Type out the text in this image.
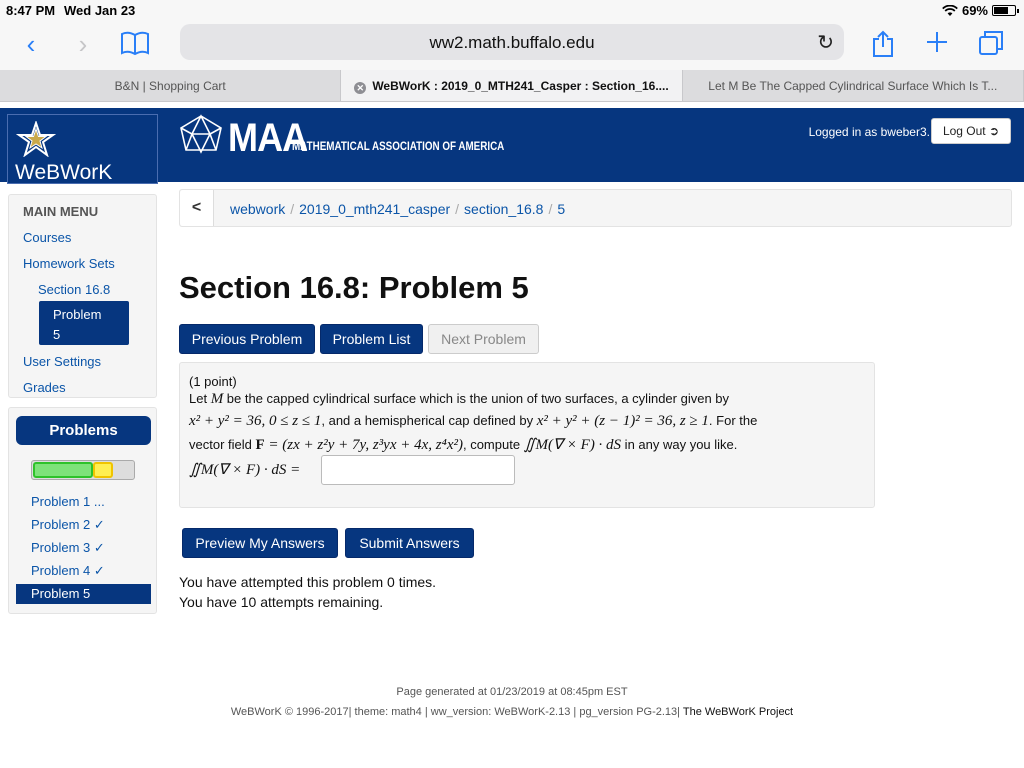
8:47 PM Wed Jan 23	69%
‹	›	ww2.math.buffalo.edu	↻
B&N | Shopping Cart	✕ WeBWorK : 2019_0_MTH241_Casper : Section_16....	Let M Be The Capped Cylindrical Surface Which Is T...
WeBWorK
MAA
MATHEMATICAL ASSOCIATION OF AMERICA
Logged in as bweber3.	Log Out ➲
MAIN MENU
Courses
Homework Sets
Section 16.8
Problem
5
User Settings
Grades
Problems
Problem 1 ...
Problem 2 ✓
Problem 3 ✓
Problem 4 ✓
Problem 5
<	webwork / 2019_0_mth241_casper / section_16.8 / 5
Section 16.8: Problem 5
Previous Problem	Problem List	Next Problem
(1 point)
Let M be the capped cylindrical surface which is the union of two surfaces, a cylinder given by
x² + y² = 36, 0 ≤ z ≤ 1, and a hemispherical cap defined by x² + y² + (z − 1)² = 36, z ≥ 1. For the
vector field F = (zx + z²y + 7y, z³yx + 4x, z⁴x²), compute ∬M(∇ × F) · dS in any way you like.
∬M(∇ × F) · dS =
Preview My Answers	Submit Answers
You have attempted this problem 0 times.
You have 10 attempts remaining.
Page generated at 01/23/2019 at 08:45pm EST
WeBWorK © 1996-2017| theme: math4 | ww_version: WeBWorK-2.13 | pg_version PG-2.13| The WeBWorK Project
